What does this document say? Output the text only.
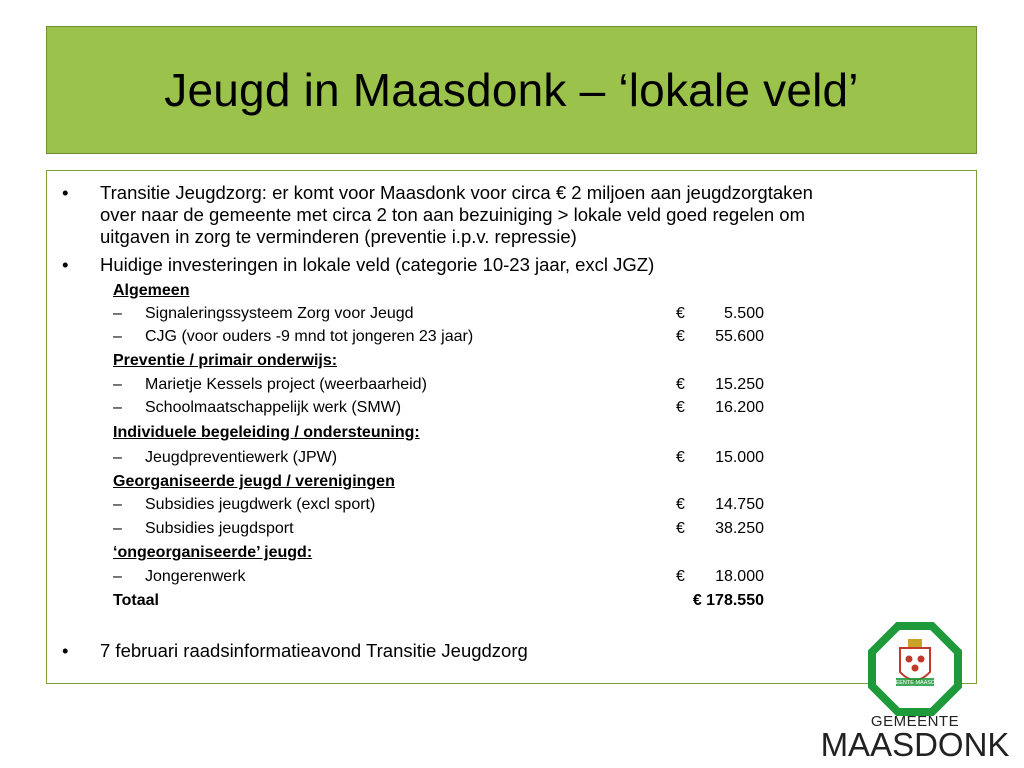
Jeugd in Maasdonk – ‘lokale veld’
• Transitie Jeugdzorg: er komt voor Maasdonk voor circa € 2 miljoen aan jeugdzorgtaken
over naar de gemeente met circa 2 ton aan bezuiniging > lokale veld goed regelen om
uitgaven in zorg te verminderen (preventie i.p.v. repressie)
• Huidige investeringen in lokale veld (categorie 10-23 jaar, excl JGZ)
Algemeen
– Signaleringssysteem Zorg voor Jeugd	€ 5.500
– CJG (voor ouders -9 mnd tot jongeren 23 jaar)	€ 55.600
Preventie / primair onderwijs:
– Marietje Kessels project (weerbaarheid)	€ 15.250
– Schoolmaatschappelijk werk (SMW)	€ 16.200
Individuele begeleiding / ondersteuning:
– Jeugdpreventiewerk (JPW)	€ 15.000
Georganiseerde jeugd / verenigingen
– Subsidies jeugdwerk (excl sport)	€ 14.750
– Subsidies jeugdsport	€ 38.250
‘ongeorganiseerde’ jeugd:
– Jongerenwerk	€ 18.000
Totaal	€ 178.550
• 7 februari raadsinformatieavond Transitie Jeugdzorg
GEMEENTE MAASDONK
GEMEENTE
MAASDONK
